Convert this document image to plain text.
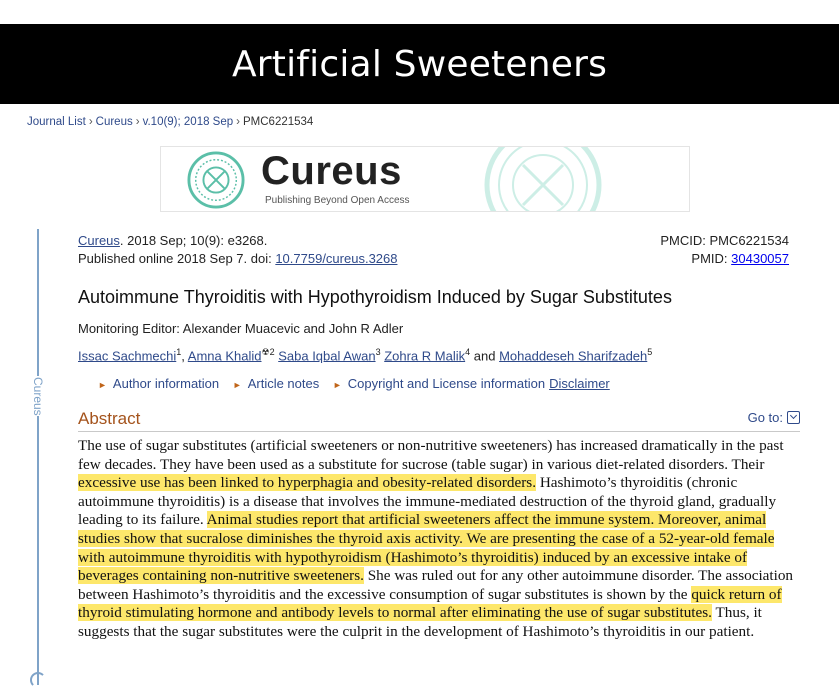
Artificial Sweeteners
Journal List › Cureus › v.10(9); 2018 Sep › PMC6221534
Cureus
Publishing Beyond Open Access
Cureus
Cureus. 2018 Sep; 10(9): e3268.
Published online 2018 Sep 7. doi: 10.7759/cureus.3268
PMCID: PMC6221534
PMID: 30430057
Autoimmune Thyroiditis with Hypothyroidism Induced by Sugar Substitutes
Monitoring Editor: Alexander Muacevic and John R Adler
Issac Sachmechi$^1$, Amna Khalid$^{☢2}$ Saba Iqbal Awan$^3$ Zohra R Malik$^4$ and Mohaddeseh Sharifzadeh$^5$
► Author information ► Article notes ► Copyright and License information Disclaimer
Abstract	Go to:
The use of sugar substitutes (artificial sweeteners or non-nutritive sweeteners) has increased dramatically in the past few decades. They have been used as a substitute for sucrose (table sugar) in various diet-related disorders. Their excessive use has been linked to hyperphagia and obesity-related disorders. Hashimoto’s thyroiditis (chronic autoimmune thyroiditis) is a disease that involves the immune-mediated destruction of the thyroid gland, gradually leading to its failure. Animal studies report that artificial sweeteners affect the immune system. Moreover, animal studies show that sucralose diminishes the thyroid axis activity. We are presenting the case of a 52-year-old female with autoimmune thyroiditis with hypothyroidism (Hashimoto’s thyroiditis) induced by an excessive intake of beverages containing non-nutritive sweeteners. She was ruled out for any other autoimmune disorder. The association between Hashimoto’s thyroiditis and the excessive consumption of sugar substitutes is shown by the quick return of thyroid stimulating hormone and antibody levels to normal after eliminating the use of sugar substitutes. Thus, it suggests that the sugar substitutes were the culprit in the development of Hashimoto’s thyroiditis in our patient.
